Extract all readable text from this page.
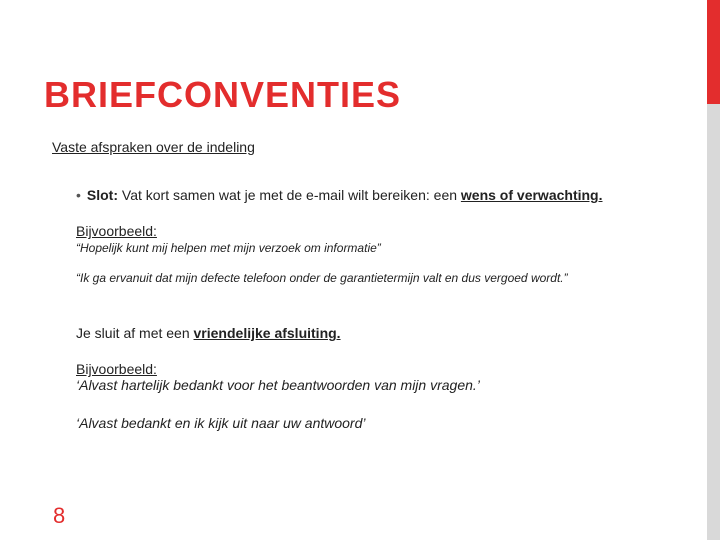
BRIEFCONVENTIES
Vaste afspraken over de indeling
• Slot: Vat kort samen wat je met de e-mail wilt bereiken: een wens of verwachting.
Bijvoorbeeld:
“Hopelijk kunt mij helpen met mijn verzoek om informatie”
“Ik ga ervanuit dat mijn defecte telefoon onder de garantietermijn valt en dus vergoed wordt.”
Je sluit af met een vriendelijke afsluiting.
Bijvoorbeeld:
‘Alvast hartelijk bedankt voor het beantwoorden van mijn vragen.’
‘Alvast bedankt en ik kijk uit naar uw antwoord’
8
